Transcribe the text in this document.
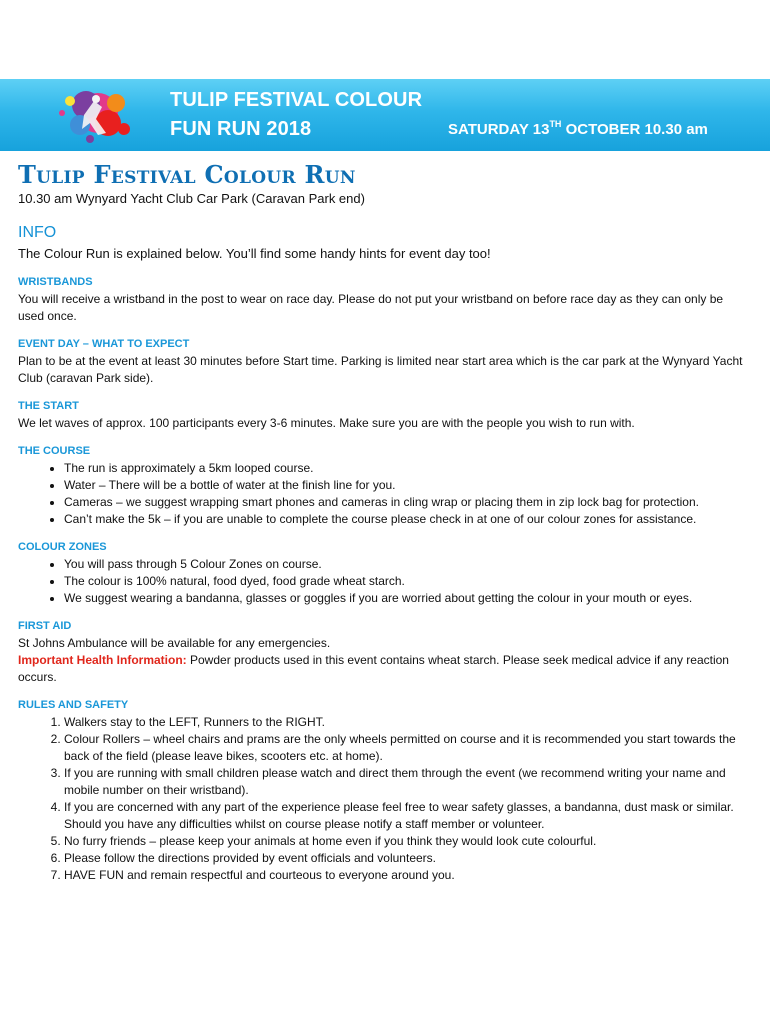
TULIP FESTIVAL COLOUR
FUN RUN 2018	SATURDAY 13TH OCTOBER 10.30 am
Tulip Festival Colour Run

10.30 am Wynyard Yacht Club Car Park (Caravan Park end)

INFO

The Colour Run is explained below. You’ll find some handy hints for event day too!

WRISTBANDS

You will receive a wristband in the post to wear on race day. Please do not put your wristband on before race day as they can only be used once.

EVENT DAY – WHAT TO EXPECT

Plan to be at the event at least 30 minutes before Start time. Parking is limited near start area which is the car park at the Wynyard Yacht Club (caravan Park side).

THE START

We let waves of approx. 100 participants every 3-6 minutes. Make sure you are with the people you wish to run with.

THE COURSE
• The run is approximately a 5km looped course.
• Water – There will be a bottle of water at the finish line for you.
• Cameras – we suggest wrapping smart phones and cameras in cling wrap or placing them in zip lock bag for protection.
• Can’t make the 5k – if you are unable to complete the course please check in at one of our colour zones for assistance.
COLOUR ZONES
• You will pass through 5 Colour Zones on course.
• The colour is 100% natural, food dyed, food grade wheat starch.
• We suggest wearing a bandanna, glasses or goggles if you are worried about getting the colour in your mouth or eyes.
FIRST AID

St Johns Ambulance will be available for any emergencies.

Important Health Information: Powder products used in this event contains wheat starch. Please seek medical advice if any reaction occurs.

RULES AND SAFETY
1. Walkers stay to the LEFT, Runners to the RIGHT.
2. Colour Rollers – wheel chairs and prams are the only wheels permitted on course and it is recommended you start towards the back of the field (please leave bikes, scooters etc. at home).
3. If you are running with small children please watch and direct them through the event (we recommend writing your name and mobile number on their wristband).
4. If you are concerned with any part of the experience please feel free to wear safety glasses, a bandanna, dust mask or similar. Should you have any difficulties whilst on course please notify a staff member or volunteer.
5. No furry friends – please keep your animals at home even if you think they would look cute colourful.
6. Please follow the directions provided by event officials and volunteers.
7. HAVE FUN and remain respectful and courteous to everyone around you.
